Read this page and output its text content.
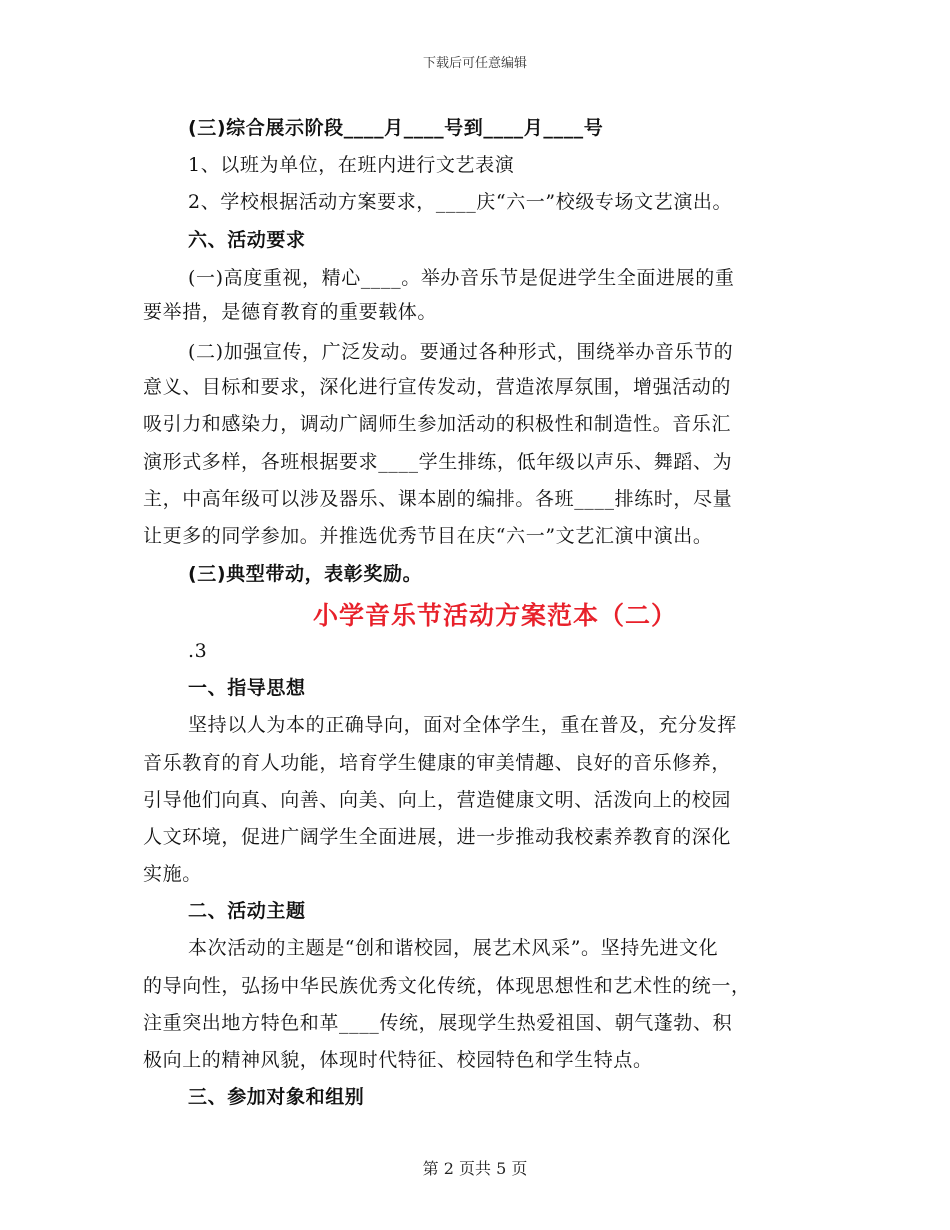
下载后可任意编辑
(三)综合展示阶段____月____号到____月____号
1、以班为单位，在班内进行文艺表演
2、学校根据活动方案要求，____庆“六一”校级专场文艺演出。
六、活动要求
(一)高度重视，精心____。举办音乐节是促进学生全面进展的重
要举措，是德育教育的重要载体。
(二)加强宣传，广泛发动。要通过各种形式，围绕举办音乐节的
意义、目标和要求，深化进行宣传发动，营造浓厚氛围，增强活动的
吸引力和感染力，调动广阔师生参加活动的积极性和制造性。音乐汇
演形式多样，各班根据要求____学生排练，低年级以声乐、舞蹈、为
主，中高年级可以涉及器乐、课本剧的编排。各班____排练时，尽量
让更多的同学参加。并推选优秀节目在庆“六一”文艺汇演中演出。
(三)典型带动，表彰奖励。
小学音乐节活动方案范本（二）
.3
一、指导思想
坚持以人为本的正确导向，面对全体学生，重在普及，充分发挥
音乐教育的育人功能，培育学生健康的审美情趣、良好的音乐修养，
引导他们向真、向善、向美、向上，营造健康文明、活泼向上的校园
人文环境，促进广阔学生全面进展，进一步推动我校素养教育的深化
实施。
二、活动主题
本次活动的主题是“创和谐校园，展艺术风采”。坚持先进文化
的导向性，弘扬中华民族优秀文化传统，体现思想性和艺术性的统一，
注重突出地方特色和革____传统，展现学生热爱祖国、朝气蓬勃、积
极向上的精神风貌，体现时代特征、校园特色和学生特点。
三、参加对象和组别
第 2 页共 5 页
